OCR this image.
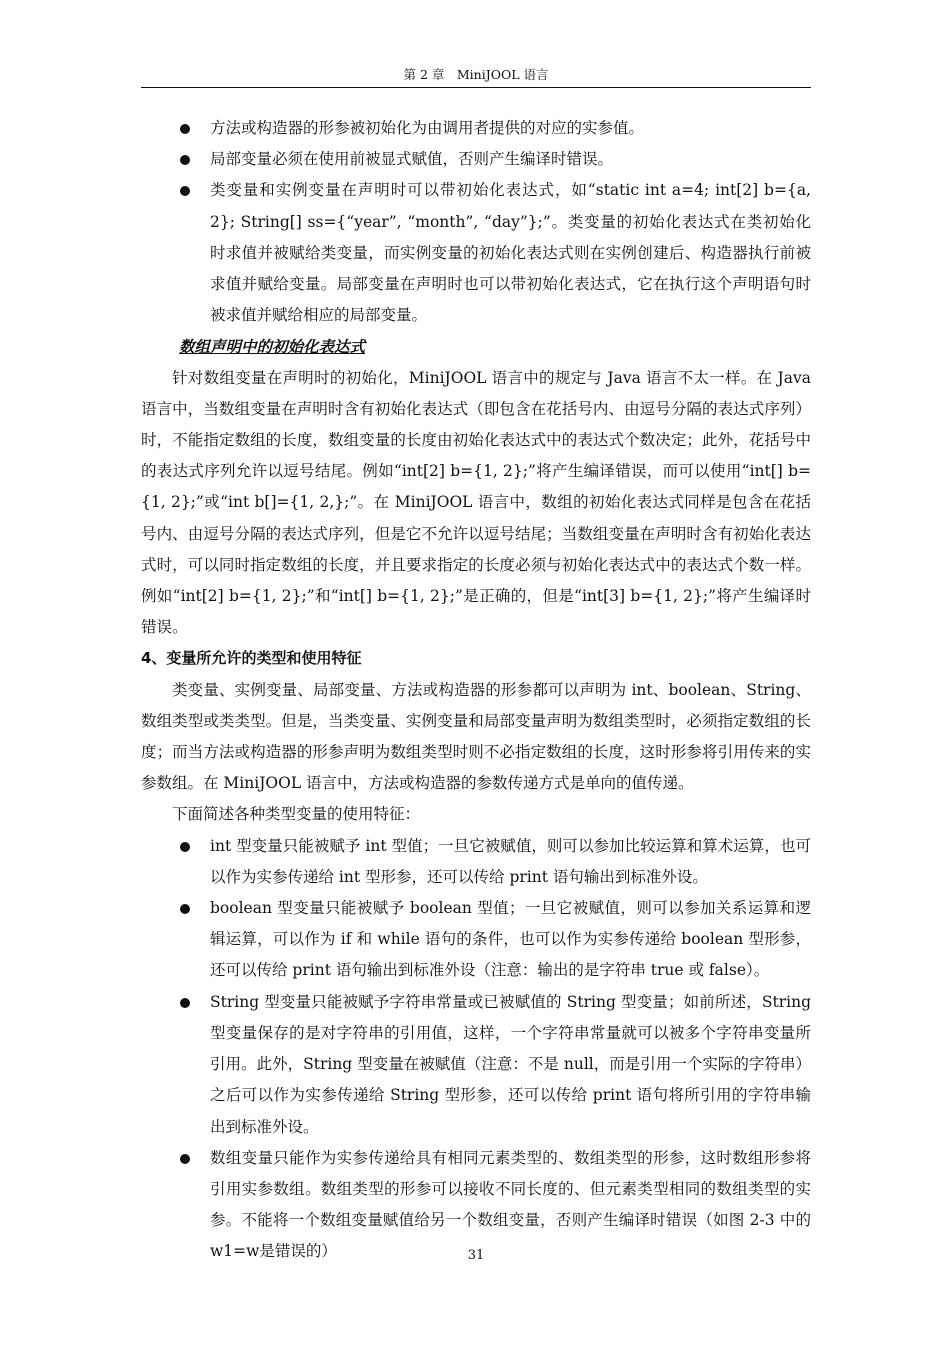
第 2 章　MiniJOOL 语言
方法或构造器的形参被初始化为由调用者提供的对应的实参值。
局部变量必须在使用前被显式赋值，否则产生编译时错误。
类变量和实例变量在声明时可以带初始化表达式，如“static int a=4; int[2] b={a, 2}; String[] ss={“year”, “month”, “day”};”。类变量的初始化表达式在类初始化时求值并被赋给类变量，而实例变量的初始化表达式则在实例创建后、构造器执行前被求值并赋给变量。局部变量在声明时也可以带初始化表达式，它在执行这个声明语句时被求值并赋给相应的局部变量。

数组声明中的初始化表达式

针对数组变量在声明时的初始化，MiniJOOL 语言中的规定与 Java 语言不太一样。在 Java 语言中，当数组变量在声明时含有初始化表达式（即包含在花括号内、由逗号分隔的表达式序列）时，不能指定数组的长度，数组变量的长度由初始化表达式中的表达式个数决定；此外，花括号中的表达式序列允许以逗号结尾。例如“int[2] b={1, 2};”将产生编译错误，而可以使用“int[] b={1, 2};”或“int b[]={1, 2,};”。在 MiniJOOL 语言中，数组的初始化表达式同样是包含在花括号内、由逗号分隔的表达式序列，但是它不允许以逗号结尾；当数组变量在声明时含有初始化表达式时，可以同时指定数组的长度，并且要求指定的长度必须与初始化表达式中的表达式个数一样。例如“int[2] b={1, 2};”和“int[] b={1, 2};”是正确的，但是“int[3] b={1, 2};”将产生编译时错误。

4、变量所允许的类型和使用特征

类变量、实例变量、局部变量、方法或构造器的形参都可以声明为 int、boolean、String、数组类型或类类型。但是，当类变量、实例变量和局部变量声明为数组类型时，必须指定数组的长度；而当方法或构造器的形参声明为数组类型时则不必指定数组的长度，这时形参将引用传来的实参数组。在 MiniJOOL 语言中，方法或构造器的参数传递方式是单向的值传递。

下面简述各种类型变量的使用特征：

int 型变量只能被赋予 int 型值；一旦它被赋值，则可以参加比较运算和算术运算，也可以作为实参传递给 int 型形参，还可以传给 print 语句输出到标准外设。
boolean 型变量只能被赋予 boolean 型值；一旦它被赋值，则可以参加关系运算和逻辑运算，可以作为 if 和 while 语句的条件，也可以作为实参传递给 boolean 型形参，还可以传给 print 语句输出到标准外设（注意：输出的是字符串 true 或 false）。
String 型变量只能被赋予字符串常量或已被赋值的 String 型变量；如前所述，String 型变量保存的是对字符串的引用值，这样，一个字符串常量就可以被多个字符串变量所引用。此外，String 型变量在被赋值（注意：不是 null，而是引用一个实际的字符串）之后可以作为实参传递给 String 型形参，还可以传给 print 语句将所引用的字符串输出到标准外设。
数组变量只能作为实参传递给具有相同元素类型的、数组类型的形参，这时数组形参将引用实参数组。数组类型的形参可以接收不同长度的、但元素类型相同的数组类型的实参。不能将一个数组变量赋值给另一个数组变量，否则产生编译时错误（如图 2-3 中的w1=w是错误的）	31
